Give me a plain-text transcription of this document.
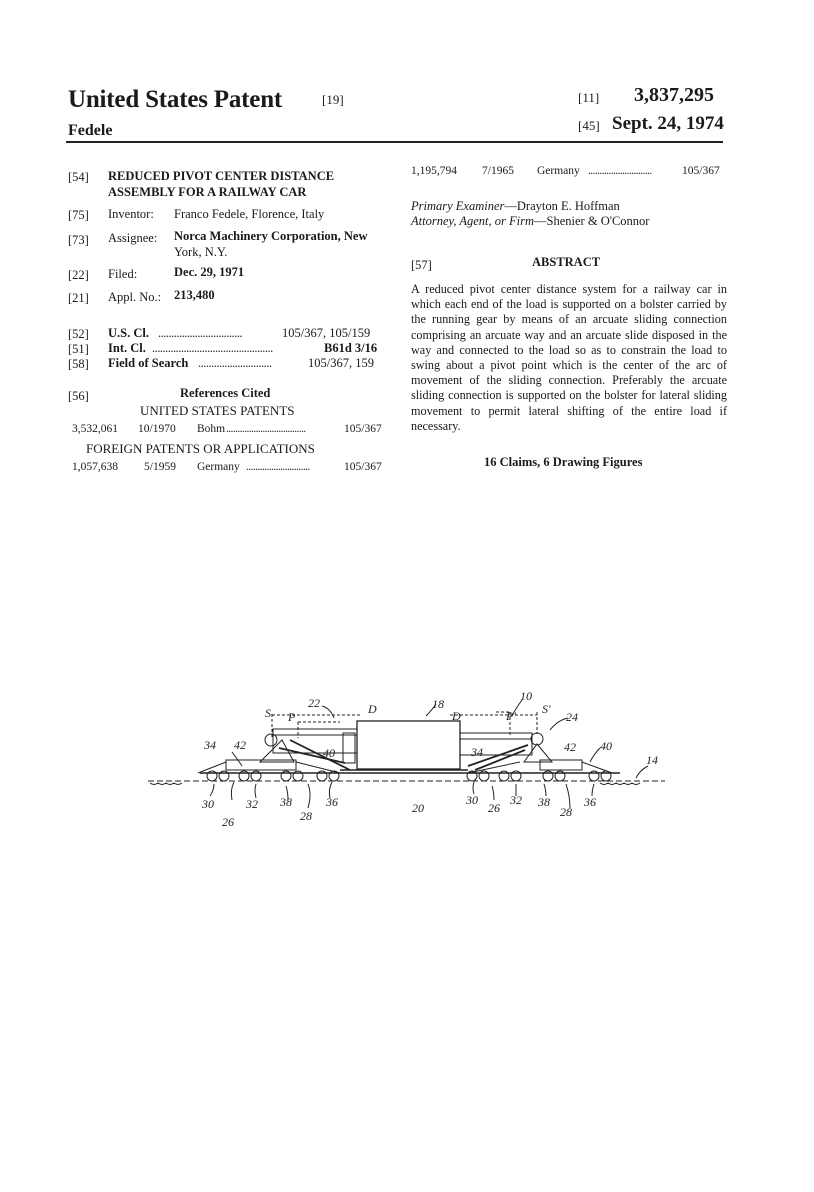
United States Patent	[19]
Fedele
[11] 3,837,295
[45] Sept. 24, 1974
[54] REDUCED PIVOT CENTER DISTANCE
ASSEMBLY FOR A RAILWAY CAR
[75] Inventor: Franco Fedele, Florence, Italy
[73] Assignee: Norca Machinery Corporation, New
York, N.Y.
[22] Filed:	Dec. 29, 1971
[21] Appl. No.: 213,480
[52] U.S. Cl. ................................	105/367, 105/159
[51] Int. Cl. ..............................................	B61d 3/16
[58] Field of Search ............................	105/367, 159
[56]	References Cited
UNITED STATES PATENTS
3,532,061 10/1970 Bohm ...................................	105/367
FOREIGN PATENTS OR APPLICATIONS
1,057,638 5/1959 Germany ............................	105/367
1,195,794 7/1965 Germany ............................	105/367
Primary Examiner—Drayton E. Hoffman
Attorney, Agent, or Firm—Shenier & O'Connor
[57]	ABSTRACT
A reduced pivot center distance system for a railway car in which each end of the load is supported on a bolster carried by the running gear by means of an arcuate sliding connection comprising an arcuate way and an arcuate slide disposed in the way and connected to the load so as to constrain the load to swing about a pivot point which is the center of the arc of movement of the sliding connection. Preferably the arcuate sliding connection is supported on the bolster for lateral sliding movement to permit lateral shifting of the entire load if necessary.
16 Claims, 6 Drawing Figures
S P
22	D	18
D
10
P' S'
24
34 42
40	34	42 40
14
30	32 38	36
26	28
20
30
26
32 38
28
36
